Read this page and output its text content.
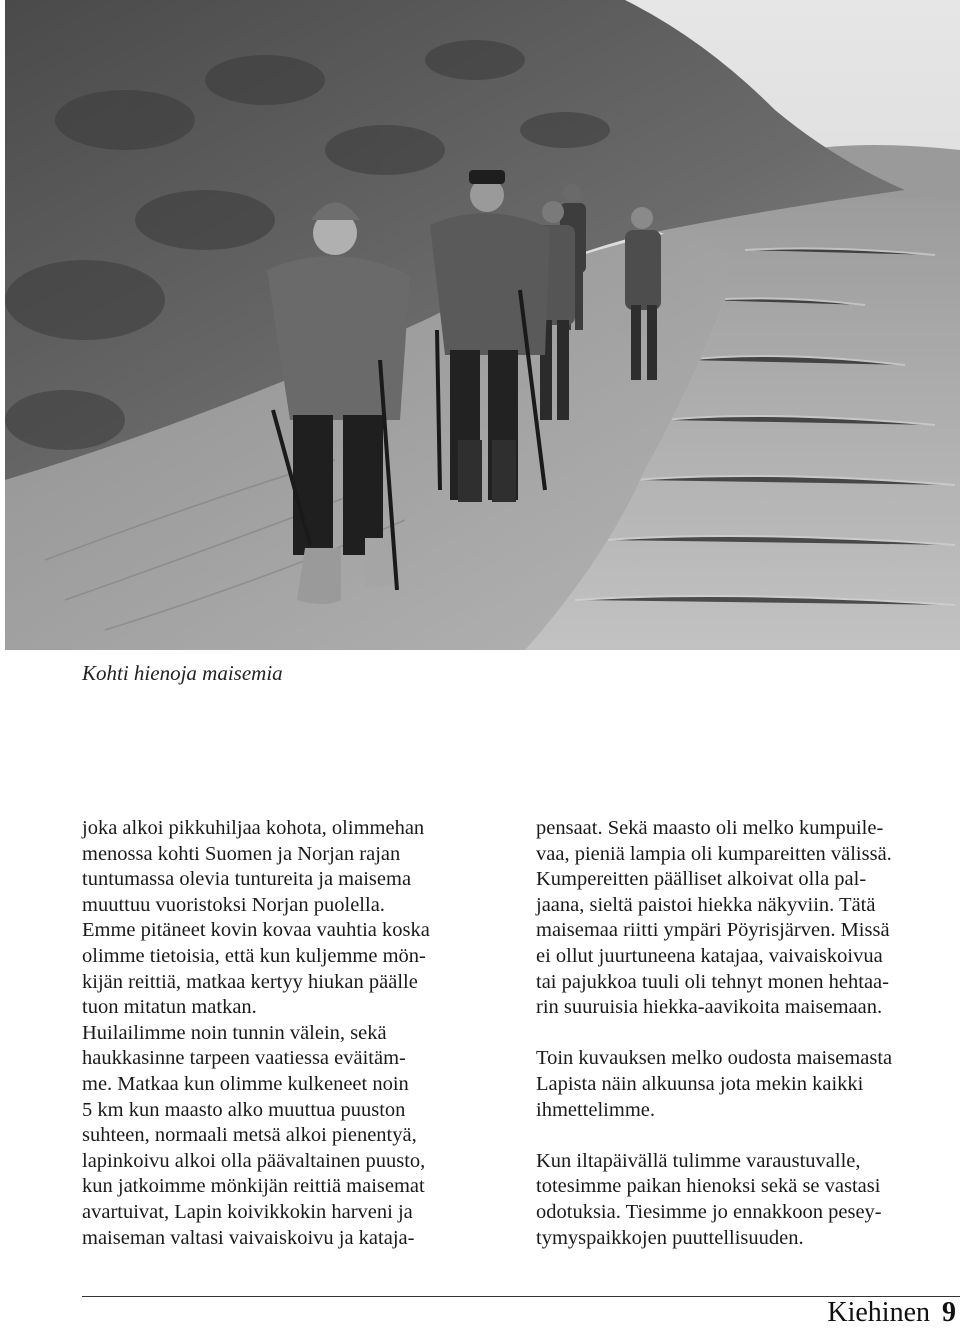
Kohti hienoja maisemia

joka alkoi pikkuhiljaa kohota, olimmehan
menossa kohti Suomen ja Norjan rajan
tuntumassa olevia tuntureita ja maisema
muuttuu vuoristoksi Norjan puolella.
Emme pitäneet kovin kovaa vauhtia koska
olimme tietoisia, että kun kuljemme mön-
kijän reittiä, matkaa kertyy hiukan päälle
tuon mitatun matkan.
Huilailimme noin tunnin välein, sekä
haukkasinne tarpeen vaatiessa eväitäm-
me. Matkaa kun olimme kulkeneet noin
5 km kun maasto alko muuttua puuston
suhteen, normaali metsä alkoi pienentyä,
lapinkoivu alkoi olla päävaltainen puusto,
kun jatkoimme mönkijän reittiä maisemat
avartuivat, Lapin koivikkokin harveni ja
maiseman valtasi vaivaiskoivu ja kataja-

pensaat. Sekä maasto oli melko kumpuile-
vaa, pieniä lampia oli kumpareitten välissä.
Kumpereitten päälliset alkoivat olla pal-
jaana, sieltä paistoi hiekka näkyviin. Tätä
maisemaa riitti ympäri Pöyrisjärven. Missä
ei ollut juurtuneena katajaa, vaivaiskoivua
tai pajukkoa tuuli oli tehnyt monen hehtaa-
rin suuruisia hiekka-aavikoita maisemaan.

Toin kuvauksen melko oudosta maisemasta
Lapista näin alkuunsa jota mekin kaikki
ihmettelimme.

Kun iltapäivällä tulimme varaustuvalle,
totesimme paikan hienoksi sekä se vastasi
odotuksia. Tiesimme jo ennakkoon pesey-
tymyspaikkojen puuttellisuuden.

Kiehinen 9
